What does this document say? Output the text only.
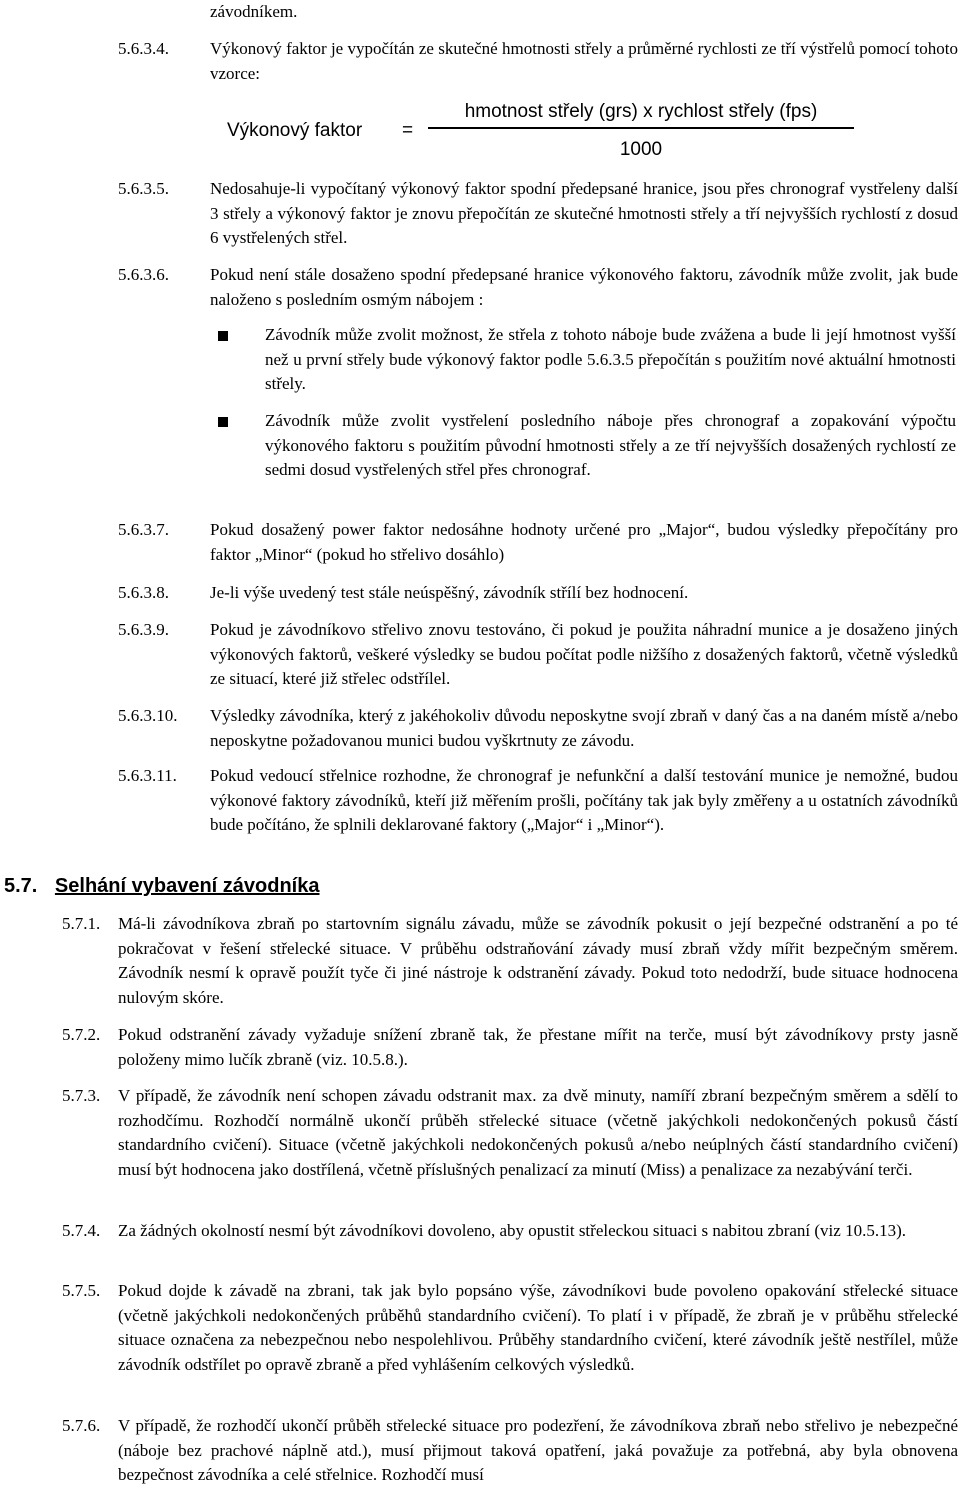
závodníkem.
5.6.3.4.	Výkonový faktor je vypočítán ze skutečné hmotnosti střely a průměrné rychlosti ze tří výstřelů pomocí tohoto vzorce:
Výkonový faktor =
hmotnost střely (grs) x rychlost střely (fps)
1000
5.6.3.5.	Nedosahuje-li vypočítaný výkonový faktor spodní předepsané hranice, jsou přes chronograf vystřeleny další 3 střely a výkonový faktor je znovu přepočítán ze skutečné hmotnosti střely a tří nejvyšších rychlostí z dosud 6 vystřelených střel.
5.6.3.6.	Pokud není stále dosaženo spodní předepsané hranice výkonového faktoru, závodník může zvolit, jak bude naloženo s posledním osmým nábojem :
Závodník může zvolit možnost, že střela z tohoto náboje bude zvážena a bude li její hmotnost vyšší než u první střely bude výkonový faktor podle 5.6.3.5 přepočítán s použitím nové aktuální hmotnosti střely.
Závodník může zvolit vystřelení posledního náboje přes chronograf a zopakování výpočtu výkonového faktoru s použitím původní hmotnosti střely a ze tří nejvyšších dosažených rychlostí ze sedmi dosud vystřelených střel přes chronograf.
5.6.3.7.	Pokud dosažený power faktor nedosáhne hodnoty určené pro „Major“, budou výsledky přepočítány pro faktor „Minor“ (pokud ho střelivo dosáhlo)
5.6.3.8.	Je-li výše uvedený test stále neúspěšný, závodník střílí bez hodnocení.
5.6.3.9.	Pokud je závodníkovo střelivo znovu testováno, či pokud je použita náhradní munice a je dosaženo jiných výkonových faktorů, veškeré výsledky se budou počítat podle nižšího z dosažených faktorů, včetně výsledků ze situací, které již střelec odstřílel.
5.6.3.10.	Výsledky závodníka, který z jakéhokoliv důvodu neposkytne svojí zbraň v daný čas a na daném místě a/nebo neposkytne požadovanou munici budou vyškrtnuty ze závodu.
5.6.3.11.	Pokud vedoucí střelnice rozhodne, že chronograf je nefunkční a další testování munice je nemožné, budou výkonové faktory závodníků, kteří již měřením prošli, počítány tak jak byly změřeny a u ostatních závodníků bude počítáno, že splnili deklarované faktory („Major“ i „Minor“).
5.7. Selhání vybavení závodníka
5.7.1.	Má-li závodníkova zbraň po startovním signálu závadu, může se závodník pokusit o její bezpečné odstranění a po té pokračovat v řešení střelecké situace. V průběhu odstraňování závady musí zbraň vždy mířit bezpečným směrem. Závodník nesmí k opravě použít tyče či jiné nástroje k odstranění závady. Pokud toto nedodrží, bude situace hodnocena nulovým skóre.
5.7.2.	Pokud odstranění závady vyžaduje snížení zbraně tak, že přestane mířit na terče, musí být závodníkovy prsty jasně položeny mimo lučík zbraně (viz. 10.5.8.).
5.7.3.	V případě, že závodník není schopen závadu odstranit max. za dvě minuty, namíří zbraní bezpečným směrem a sdělí to rozhodčímu. Rozhodčí normálně ukončí průběh střelecké situace (včetně jakýchkoli nedokončených pokusů částí standardního cvičení). Situace (včetně jakýchkoli nedokončených pokusů a/nebo neúplných částí standardního cvičení) musí být hodnocena jako dostřílená, včetně příslušných penalizací za minutí (Miss) a penalizace za nezabývání terči.
5.7.4.	Za žádných okolností nesmí být závodníkovi dovoleno, aby opustit střeleckou situaci s nabitou zbraní (viz 10.5.13).
5.7.5.	Pokud dojde k závadě na zbrani, tak jak bylo popsáno výše, závodníkovi bude povoleno opakování střelecké situace (včetně jakýchkoli nedokončených průběhů standardního cvičení). To platí i v případě, že zbraň je v průběhu střelecké situace označena za nebezpečnou nebo nespolehlivou. Průběhy standardního cvičení, které závodník ještě nestřílel, může závodník odstřílet po opravě zbraně a před vyhlášením celkových výsledků.
5.7.6.	V případě, že rozhodčí ukončí průběh střelecké situace pro podezření, že závodníkova zbraň nebo střelivo je nebezpečné (náboje bez prachové náplně atd.), musí přijmout taková opatření, jaká považuje za potřebná, aby byla obnovena bezpečnost závodníka a celé střelnice. Rozhodčí musí
